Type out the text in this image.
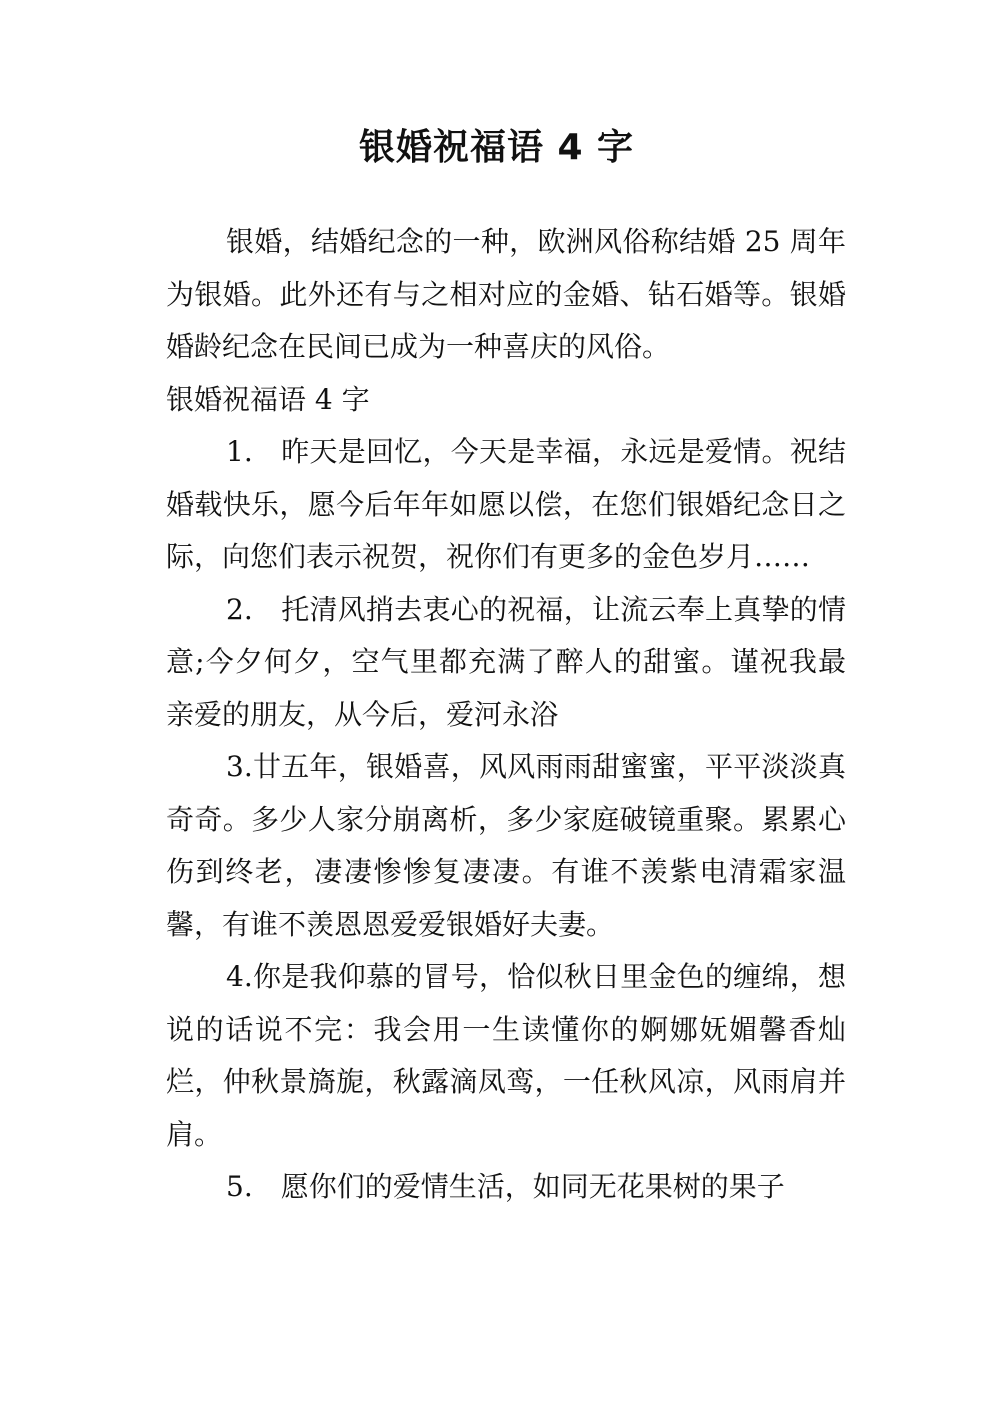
银婚祝福语 4 字

银婚，结婚纪念的一种，欧洲风俗称结婚 25 周年为银婚。此外还有与之相对应的金婚、钻石婚等。银婚婚龄纪念在民间已成为一种喜庆的风俗。

银婚祝福语 4 字

1.　昨天是回忆，今天是幸福，永远是爱情。祝结婚载快乐，愿今后年年如愿以偿，在您们银婚纪念日之际，向您们表示祝贺，祝你们有更多的金色岁月……

2.　托清风捎去衷心的祝福，让流云奉上真挚的情意;今夕何夕，空气里都充满了醉人的甜蜜。谨祝我最亲爱的朋友，从今后，爱河永浴

3.廿五年，银婚喜，风风雨雨甜蜜蜜，平平淡淡真奇奇。多少人家分崩离析，多少家庭破镜重聚。累累心伤到终老，凄凄惨惨复凄凄。有谁不羡紫电清霜家温馨，有谁不羡恩恩爱爱银婚好夫妻。

4.你是我仰慕的冒号，恰似秋日里金色的缠绵，想说的话说不完：我会用一生读懂你的婀娜妩媚馨香灿烂，仲秋景旖旎，秋露滴凤鸾，一任秋风凉，风雨肩并肩。

5.　愿你们的爱情生活，如同无花果树的果子
